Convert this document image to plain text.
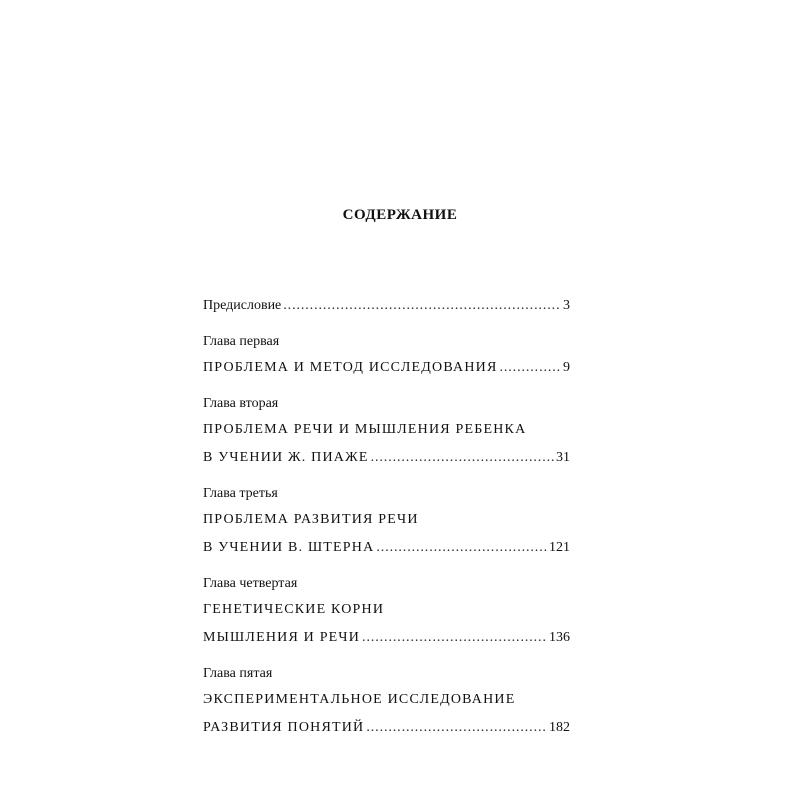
СОДЕРЖАНИЕ
Предисловие . . .	3
Глава первая
ПРОБЛЕМА И МЕТОД ИССЛЕДОВАНИЯ . . .	9
Глава вторая
ПРОБЛЕМА РЕЧИ И МЫШЛЕНИЯ РЕБЕНКА
В УЧЕНИИ Ж. ПИАЖЕ . . .	31
Глава третья
ПРОБЛЕМА РАЗВИТИЯ РЕЧИ
В УЧЕНИИ В. ШТЕРНА . . .	121
Глава четвертая
ГЕНЕТИЧЕСКИЕ КОРНИ
МЫШЛЕНИЯ И РЕЧИ . . .	136
Глава пятая
ЭКСПЕРИМЕНТАЛЬНОЕ ИССЛЕДОВАНИЕ
РАЗВИТИЯ ПОНЯТИЙ . . .	182
